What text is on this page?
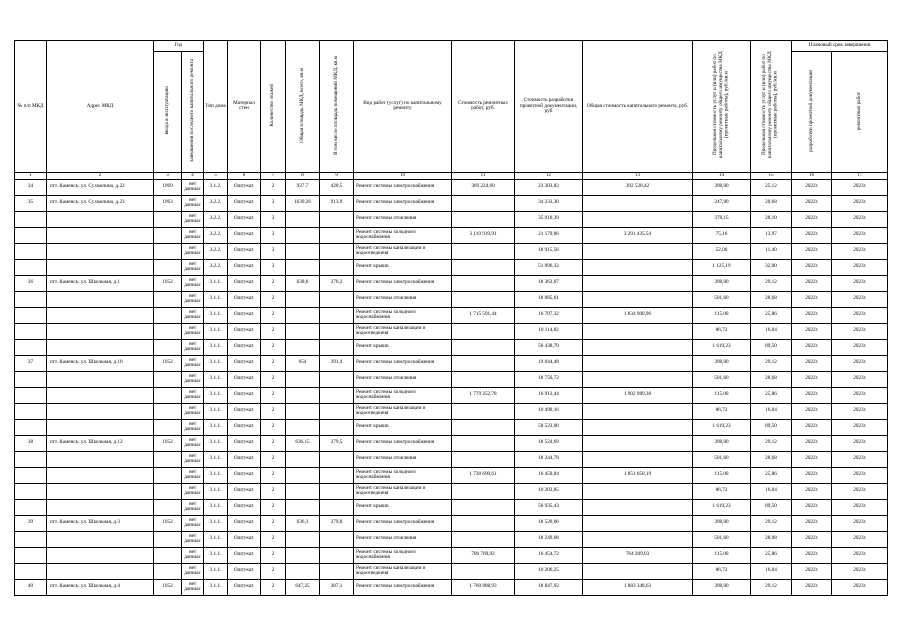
№ п/п МКД	Адрес МКД	Год		Тип дома	Материал стен	Количество этажей	Общая площадь МКД, всего, кв.м	В том числе площадь помещений МКД, кв.м	Вид работ (услуг) по капитальному ремонту	Стоимость ремонтных работ, руб.	Стоимость разработки проектной документации, руб	Общая стоимость капитального ремонта, руб.	Предельная стоимость услуг и (или) работ по капитальному ремонту общего имущества МКД (проектные работы), руб./кв.м	Предельная стоимость услуг и (или) работ по капитальному ремонту общего имущества МКД (проектные работы), руб./кв.м	Плановый срок завершения	
		ввода в эксплуатацию	завершения последнего капитального ремонта												разработки проектной документации	ремонтных работ
1	2	3	4	5	6	7	8	9	10	11	12	13	14	15	16	17
34	пгт. Каменск, ул. Сухомлина, д.22	1969	нет данных	3.1.2.	Оштукат.	2	927.7	420,5	Ремонт системы электроснабжения	369 224,60	23 303,82	392 528,42	398,00	25,12	2022г	2023г
35	пгт. Каменск, ул. Сухомлина, д.23	1963	нет данных	3.2.2.	Оштукат.	3	1639,26	913,9	Ремонт системы электроснабжения		34 333,30		247,00	20,68	2022г	2023г
			нет данных	3.2.2.	Оштукат.	3			Ремонт системы отопления		35 010,39		378,15	28,10	2022г	2023г
			нет данных	3.2.2.	Оштукат.	3			Ремонт системы холодного водоснабжения	3 119 919,91	21 179,86	3 291 435,54	75,16	13,97	2022г	2023г
			нет данных	3.2.2.	Оштукат.	3			Ремонт системы канализации и водоотведения		18 915,56		52,00	11,40	2022г	2023г
			нет данных	3.2.2.	Оштукат.	3			Ремонт крыши		51 096,32		1 125,19	32,00	2022г	2023г
36	пгт. Каменск, ул. Школьная, д.1	1952	нет данных	3.1.1.	Оштукат.	2	638,6	376,2	Ремонт системы электроснабжения		18 363,07		398,00	29,12	2022г	2023г
			нет данных	3.1.1.	Оштукат.	2			Ремонт системы отопления		18 085,61		501,60	28,68	2022г	2023г
			нет данных	3.1.1.	Оштукат.	2			Ремонт системы холодного водоснабжения	1 715 591,44	16 707,32	1 834 900,96	115,00	25,86	2022г	2023г
			нет данных	3.1.1.	Оштукат.	2			Ремонт системы канализации и водоотведения		10 114,82		86,72	16,04	2022г	2023г
			нет данных	3.1.1.	Оштукат.	2			Ремонт крыши		56 438,70		1 619,23	89,50	2022г	2023г
37	пгт. Каменск, ул. Школьная, д.10	1952	нет данных	3.1.1.	Оштукат.	2	654	391,4	Ремонт системы электроснабжения		19 044,48		398,00	29,12	2022г	2023г
			нет данных	3.1.1.	Оштукат.	2			Ремонт системы отопления		18 756,72		501,60	28,68	2022г	2023г
			нет данных	3.1.1.	Оштукат.	2			Ремонт системы холодного водоснабжения	1 779 252,78	16 912,44	1 902 989,38	115,00	25,86	2022г	2023г
			нет данных	3.1.1.	Оштукат.	2			Ремонт системы канализации и водоотведения		10 490,16		86,72	16,04	2022г	2023г
			нет данных	3.1.1.	Оштукат.	2			Ремонт крыши		58 533,00		1 619,23	89,50	2022г	2023г
38	пгт. Каменск, ул. Школьная, д.12	1952	нет данных	3.1.1.	Оштукат.	2	636,15	379,5	Ремонт системы электроснабжения		18 524,69		398,00	29,12	2022г	2023г
			нет данных	3.1.1.	Оштукат.	2			Ремонт системы отопления		18 244,78		501,60	28,68	2022г	2023г
			нет данных	3.1.1.	Оштукат.	2			Ремонт системы холодного водоснабжения	1 730 690,61	16 450,84	1 851 050,19	115,00	25,86	2022г	2023г
			нет данных	3.1.1.	Оштукат.	2			Ремонт системы канализации и водоотведения		10 203,85		86,72	16,04	2022г	2023г
			нет данных	3.1.1.	Оштукат.	2			Ремонт крыши		56 935,43		1 619,23	89,50	2022г	2023г
39	пгт. Каменск, ул. Школьная, д.3	1952	нет данных	3.1.1.	Оштукат.	2	636,3	379,8	Ремонт системы электроснабжения		18 520,06		398,00	29,12	2022г	2023г
			нет данных	3.1.1.	Оштукат.	2			Ремонт системы отопления		18 249,08		501,60	28,08	2022г	2023г
			нет данных	3.1.1.	Оштукат.	2			Ремонт системы холодного водоснабжения	700 769,92	16 454,72	764 209,03	115,00	25,86	2022г	2023г
			нет данных	3.1.1.	Оштукат.	2			Ремонт системы канализации и водоотведения		10 206,25		86,72	16,04	2022г	2023г
40	пгт. Каменск, ул. Школьная, д.4	1952	нет данных	3.1.1.	Оштукат.	2	647,25	387,1	Ремонт системы электроснабжения	1 760 888,93	18 847,92	1 883 348,63	398,00	29,12	2022г	2023г
